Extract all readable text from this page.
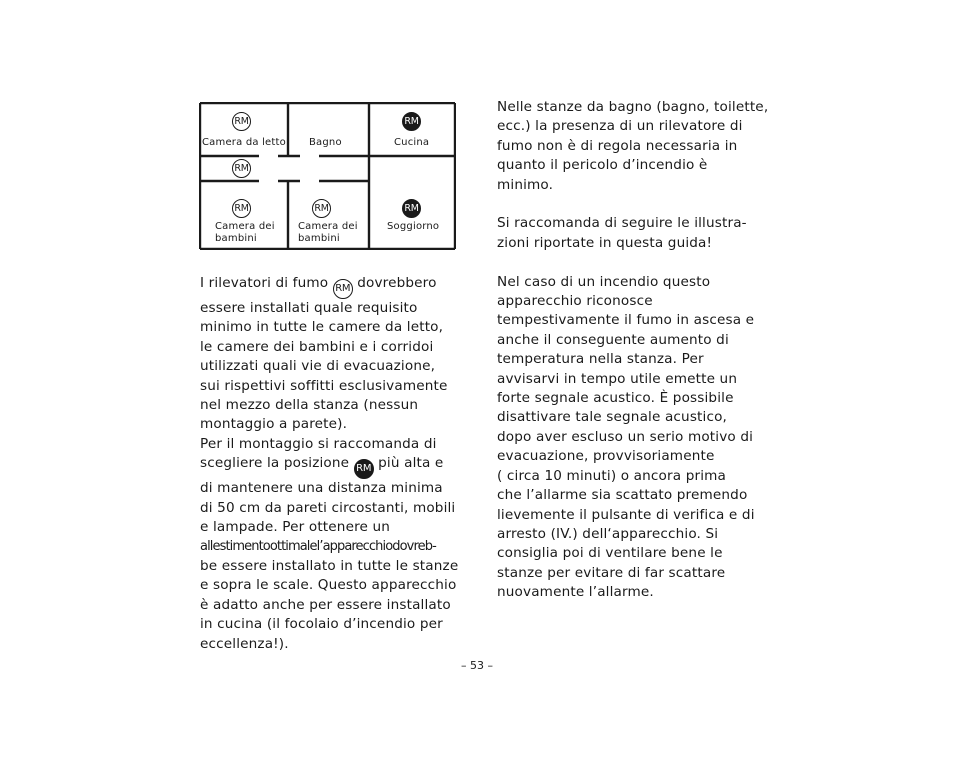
RM
Camera da letto Bagno
RM
Cucina
RM
RM
Camera dei
bambini
RM
Camera dei
bambini
RM
Soggiorno

I rilevatori di fumo RM dovrebbero

essere installati quale requisito

minimo in tutte le camere da letto,

le camere dei bambini e i corridoi

utilizzati quali vie di evacuazione,

sui rispettivi soffitti esclusivamente

nel mezzo della stanza (nessun

montaggio a parete).

Per il montaggio si raccomanda di

scegliere la posizione RM più alta e

di mantenere una distanza minima

di 50 cm da pareti circostanti, mobili

e lampade. Per ottenere un

allestimentoottimalel’apparecchiodovreb-

be essere installato in tutte le stanze

e sopra le scale. Questo apparecchio

è adatto anche per essere installato

in cucina (il focolaio d’incendio per

eccellenza!).

Nelle stanze da bagno (bagno, toilette,

ecc.) la presenza di un rilevatore di

fumo non è di regola necessaria in

quanto il pericolo d’incendio è

minimo.

Si raccomanda di seguire le illustra-

zioni riportate in questa guida!

Nel caso di un incendio questo

apparecchio riconosce

tempestivamente il fumo in ascesa e

anche il conseguente aumento di

temperatura nella stanza. Per

avvisarvi in tempo utile emette un

forte segnale acustico. È possibile

disattivare tale segnale acustico,

dopo aver escluso un serio motivo di

evacuazione, provvisoriamente

( circa 10 minuti) o ancora prima

che l’allarme sia scattato premendo

lievemente il pulsante di verifica e di

arresto (IV.) dell‘apparecchio. Si

consiglia poi di ventilare bene le

stanze per evitare di far scattare

nuovamente l’allarme.

– 53 –
